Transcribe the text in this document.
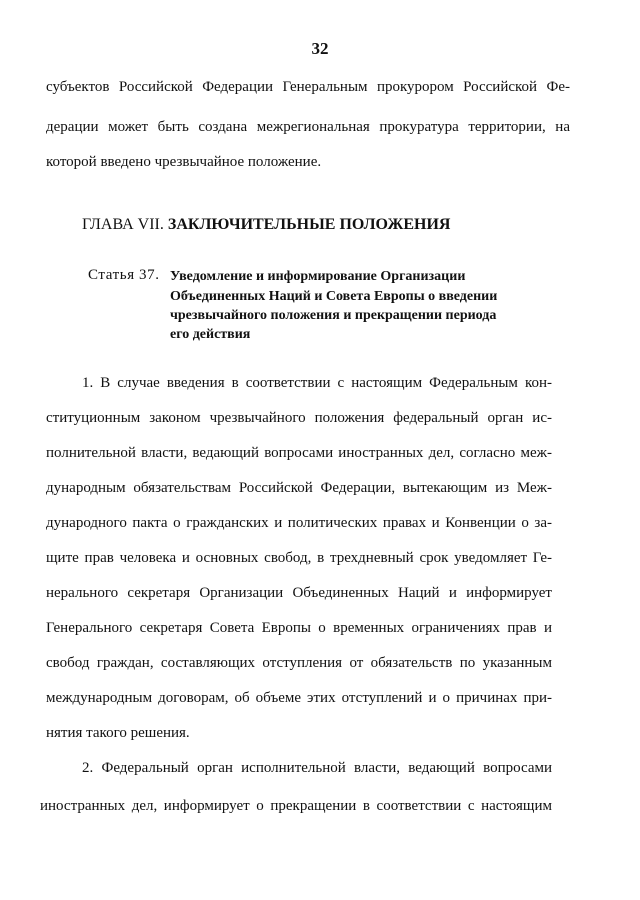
32
субъектов Российской Федерации Генеральным прокурором Российской Фе-
дерации может быть создана межрегиональная прокуратура территории, на
которой введено чрезвычайное положение.
ГЛАВА VII. ЗАКЛЮЧИТЕЛЬНЫЕ ПОЛОЖЕНИЯ
Статья 37. Уведомление и информирование Организации
Объединенных Наций и Совета Европы о введении
чрезвычайного положения и прекращении периода
его действия
1. В случае введения в соответствии с настоящим Федеральным кон-
ституционным законом чрезвычайного положения федеральный орган ис-
полнительной власти, ведающий вопросами иностранных дел, согласно меж-
дународным обязательствам Российской Федерации, вытекающим из Меж-
дународного пакта о гражданских и политических правах и Конвенции о за-
щите прав человека и основных свобод, в трехдневный срок уведомляет Ге-
нерального секретаря Организации Объединенных Наций и информирует
Генерального секретаря Совета Европы о временных ограничениях прав и
свобод граждан, составляющих отступления от обязательств по указанным
международным договорам, об объеме этих отступлений и о причинах при-
нятия такого решения.
2. Федеральный орган исполнительной власти, ведающий вопросами
иностранных дел, информирует о прекращении в соответствии с настоящим
